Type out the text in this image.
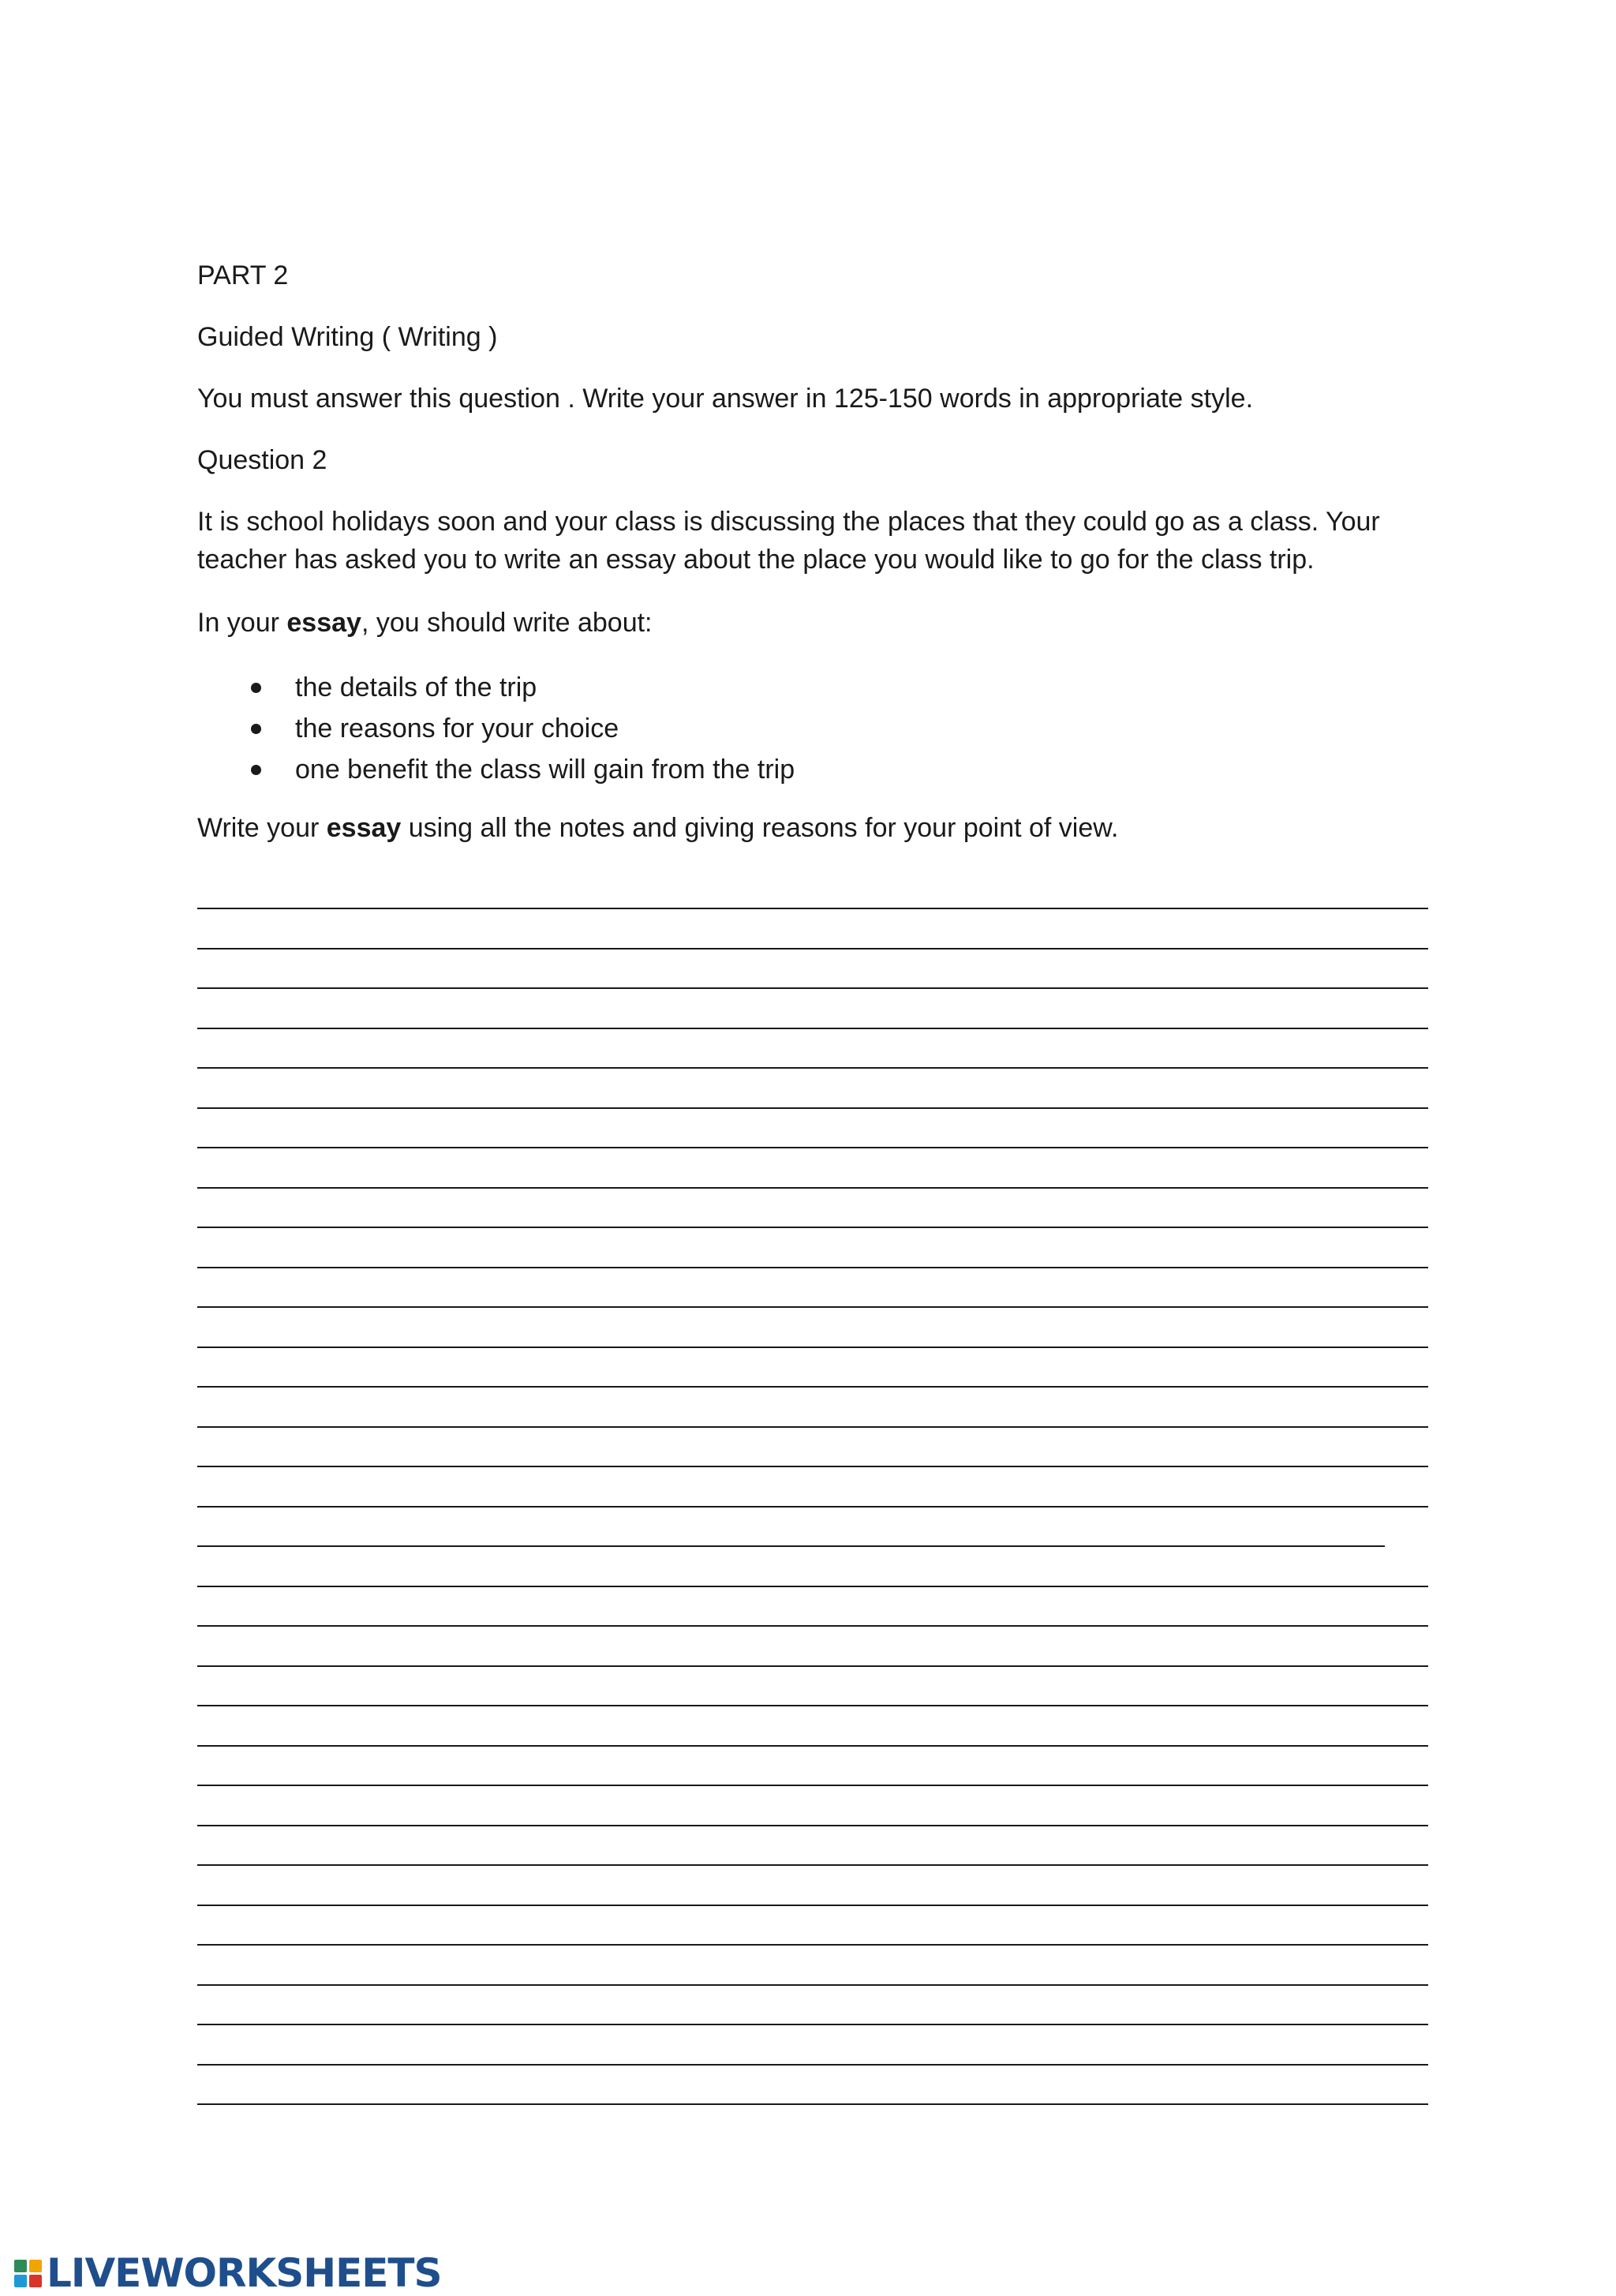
PART 2

Guided Writing ( Writing )

You must answer this question . Write your answer in 125-150 words in appropriate style.

Question 2

It is school holidays soon and your class is discussing the places that they could go as a class. Your teacher has asked you to write an essay about the place you would like to go for the class trip.

In your essay, you should write about:

the details of the trip
the reasons for your choice
one benefit the class will gain from the trip

Write your essay using all the notes and giving reasons for your point of view.

LIVEWORKSHEETS
